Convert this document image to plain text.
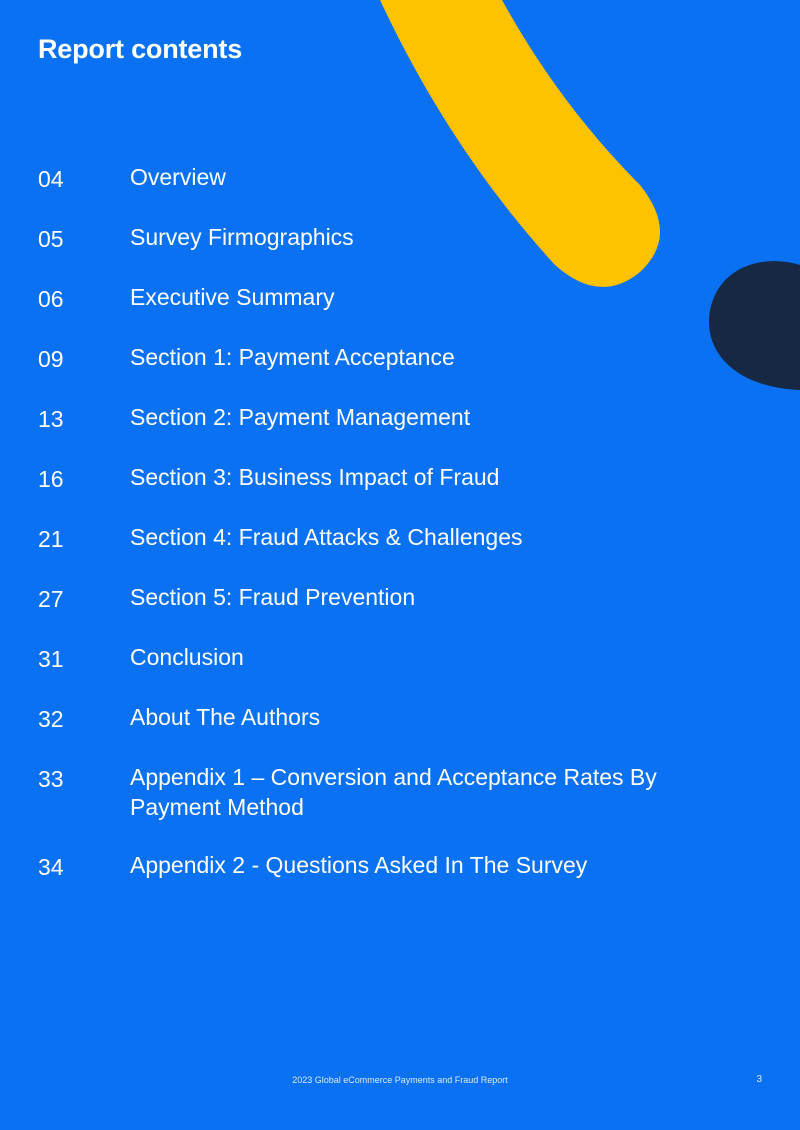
Report contents
04	Overview
05	Survey Firmographics
06	Executive Summary
09	Section 1: Payment Acceptance
13	Section 2: Payment Management
16	Section 3: Business Impact of Fraud
21	Section 4: Fraud Attacks & Challenges
27	Section 5: Fraud Prevention
31	Conclusion
32	About The Authors
33	Appendix 1 – Conversion and Acceptance Rates By Payment Method
34	Appendix 2 - Questions Asked In The Survey
2023 Global eCommerce Payments and Fraud Report	3
